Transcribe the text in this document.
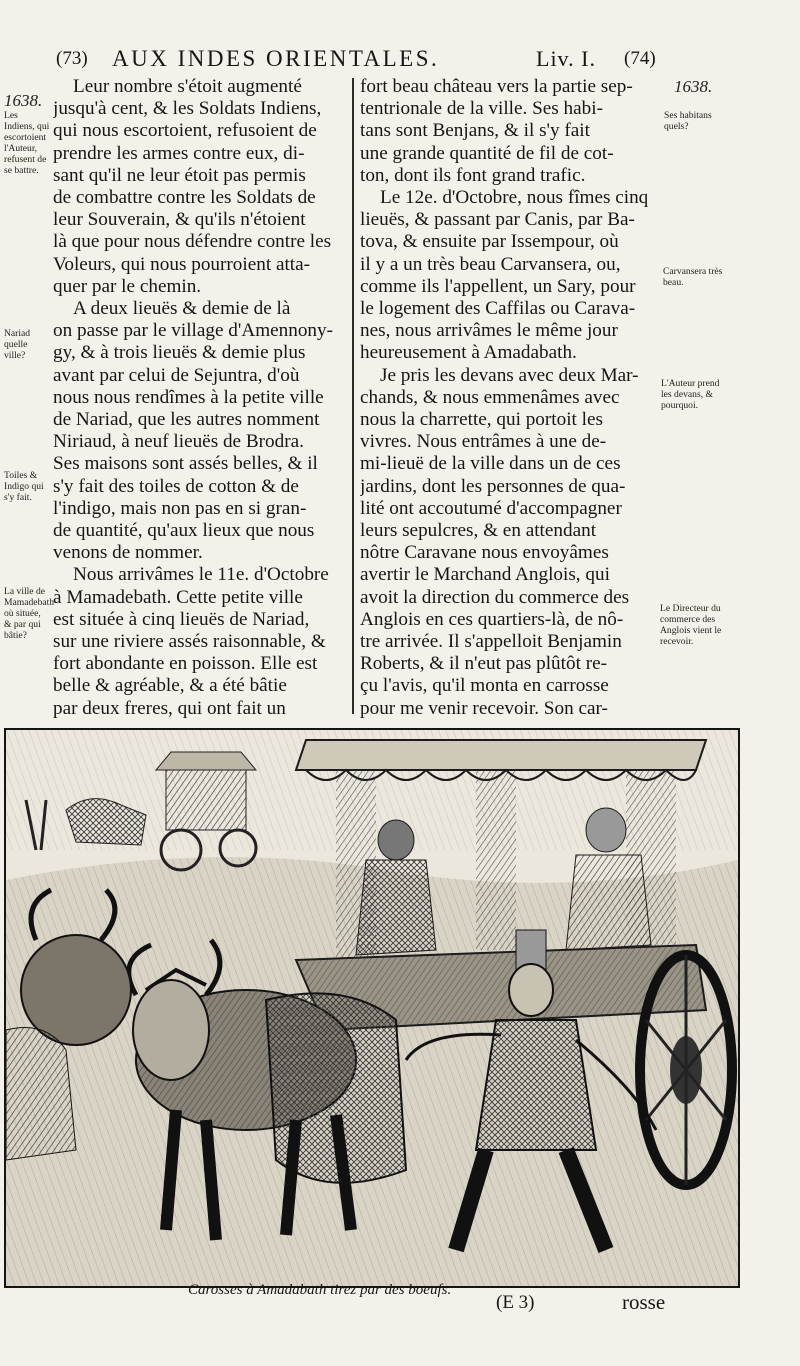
(73) AUX INDES ORIENTALES.	Liv. I. (74)
1638.
Les Indiens, qui escortoient l'Auteur, refusent de se battre.
Nariad quelle ville?
Toiles & Indigo qui s'y fait.
La ville de Mamadebath où située, & par qui bâtie?
1638.
Ses habitans quels?
Carvansera très beau.
L'Auteur prend les devans, & pourquoi.
Le Directeur du commerce des Anglois vient le recevoir.
Leur nombre s'étoit augmenté
jusqu'à cent, & les Soldats Indiens,
qui nous escortoient, refusoient de
prendre les armes contre eux, di-
sant qu'il ne leur étoit pas permis
de combattre contre les Soldats de
leur Souverain, & qu'ils n'étoient
là que pour nous défendre contre les
Voleurs, qui nous pourroient atta-
quer par le chemin.
A deux lieuës & demie de là
on passe par le village d'Amennony-
gy, & à trois lieuës & demie plus
avant par celui de Sejuntra, d'où
nous nous rendîmes à la petite ville
de Nariad, que les autres nomment
Niriaud, à neuf lieuës de Brodra.
Ses maisons sont assés belles, & il
s'y fait des toiles de cotton & de
l'indigo, mais non pas en si gran-
de quantité, qu'aux lieux que nous
venons de nommer.
Nous arrivâmes le 11e. d'Octobre
à Mamadebath. Cette petite ville
est située à cinq lieuës de Nariad,
sur une riviere assés raisonnable, &
fort abondante en poisson. Elle est
belle & agréable, & a été bâtie
par deux freres, qui ont fait un
fort beau château vers la partie sep-
tentrionale de la ville. Ses habi-
tans sont Benjans, & il s'y fait
une grande quantité de fil de cot-
ton, dont ils font grand trafic.
Le 12e. d'Octobre, nous fîmes cinq
lieuës, & passant par Canis, par Ba-
tova, & ensuite par Issempour, où
il y a un très beau Carvansera, ou,
comme ils l'appellent, un Sary, pour
le logement des Caffilas ou Carava-
nes, nous arrivâmes le même jour
heureusement à Amadabath.
Je pris les devans avec deux Mar-
chands, & nous emmenâmes avec
nous la charrette, qui portoit les
vivres. Nous entrâmes à une de-
mi-lieuë de la ville dans un de ces
jardins, dont les personnes de qua-
lité ont accoutumé d'accompagner
leurs sepulcres, & en attendant
nôtre Caravane nous envoyâmes
avertir le Marchand Anglois, qui
avoit la direction du commerce des
Anglois en ces quartiers-là, de nô-
tre arrivée. Il s'appelloit Benjamin
Roberts, & il n'eut pas plûtôt re-
çu l'avis, qu'il monta en carrosse
pour me venir recevoir. Son car-
Carosses à Amadabath tirez par des boeufs.
(E 3)	rosse
